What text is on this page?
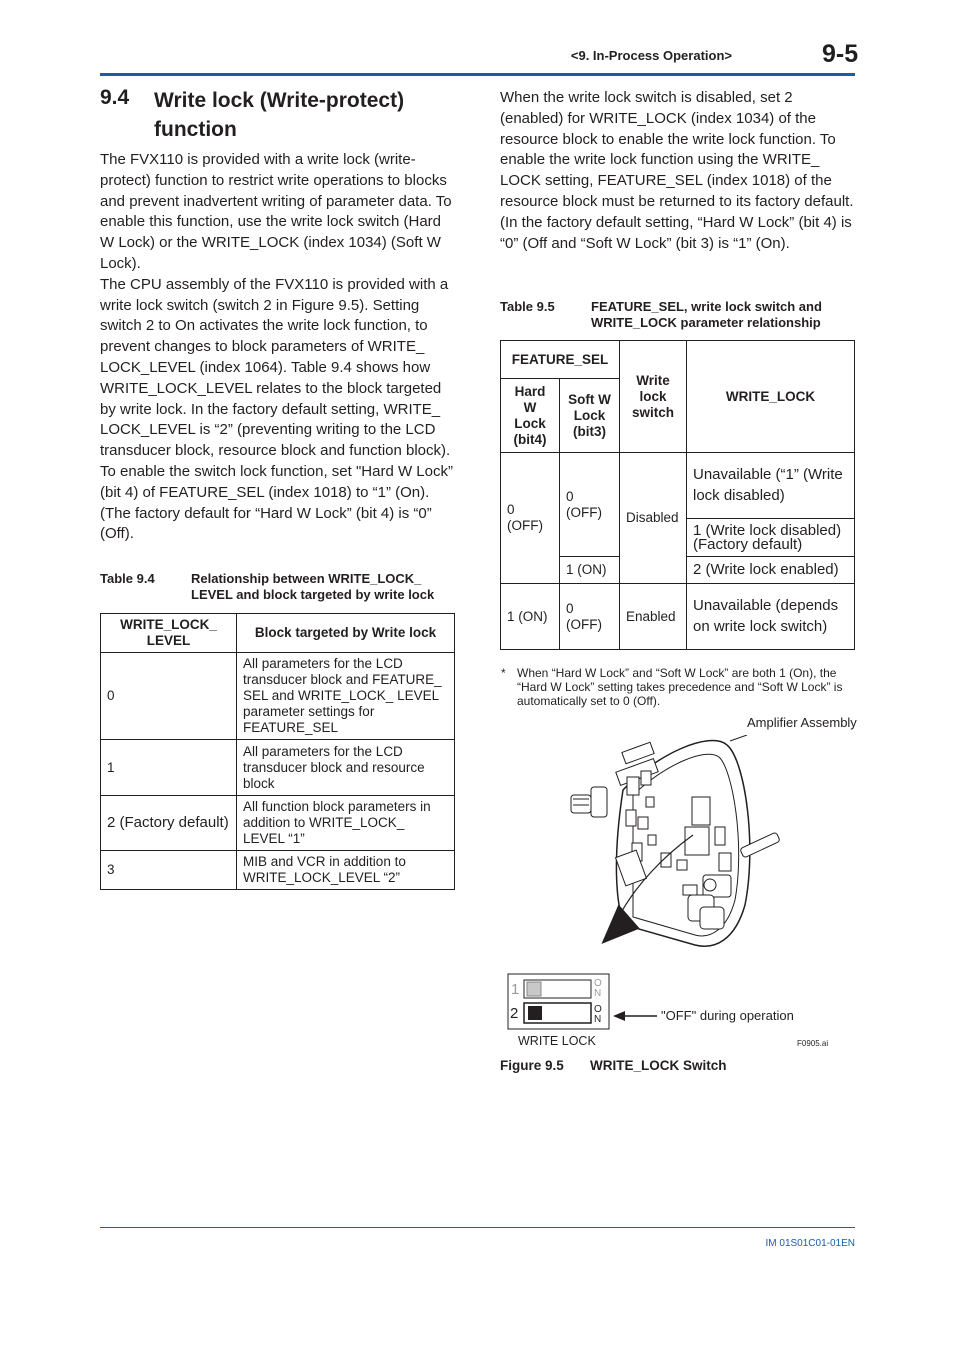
<9. In-Process Operation>	9-5
9.4 Write lock (Write-protect) function

The FVX110 is provided with a write lock (write-protect) function to restrict write operations to blocks and prevent inadvertent writing of parameter data. To enable this function, use the write lock switch (Hard W Lock) or the WRITE_LOCK (index 1034) (Soft W Lock).

The CPU assembly of the FVX110 is provided with a write lock switch (switch 2 in Figure 9.5). Setting switch 2 to On activates the write lock function, to prevent changes to block parameters of WRITE_ LOCK_LEVEL (index 1064). Table 9.4 shows how WRITE_LOCK_LEVEL relates to the block targeted by write lock. In the factory default setting, WRITE_ LOCK_LEVEL is “2” (preventing writing to the LCD transducer block, resource block and function block). To enable the switch lock function, set "Hard W Lock” (bit 4) of FEATURE_SEL (index 1018) to “1” (On). (The factory default for “Hard W Lock” (bit 4) is “0” (Off).

Table 9.4	Relationship between WRITE_LOCK_ LEVEL and block targeted by write lock
WRITE_LOCK_ LEVEL	Block targeted by Write lock
0	All parameters for the LCD transducer block and FEATURE_ SEL and WRITE_LOCK_ LEVEL parameter settings for FEATURE_SEL
1	All parameters for the LCD transducer block and resource block
2 (Factory default)	All function block parameters in addition to WRITE_LOCK_ LEVEL “1”
3	MIB and VCR in addition to WRITE_LOCK_LEVEL “2”
When the write lock switch is disabled, set 2 (enabled) for WRITE_LOCK (index 1034) of the resource block to enable the write lock function. To enable the write lock function using the WRITE_ LOCK setting, FEATURE_SEL (index 1018) of the resource block must be returned to its factory default. (In the factory default setting, “Hard W Lock” (bit 4) is “0” (Off and “Soft W Lock” (bit 3) is “1” (On).
Table 9.5	FEATURE_SEL, write lock switch and WRITE_LOCK parameter relationship
FEATURE_SEL		Write lock switch	WRITE_LOCK
Hard W Lock (bit4)	Soft W Lock (bit3)		
0 (OFF)	0 (OFF)	Disabled	Unavailable (“1” (Write lock disabled)
			1 (Write lock disabled) (Factory default)
	1 (ON)		2 (Write lock enabled)
1 (ON)	0 (OFF)	Enabled	Unavailable (depends on write lock switch)
* When “Hard W Lock” and “Soft W Lock” are both 1 (On), the “Hard W Lock” setting takes precedence and “Soft W Lock” is automatically set to 0 (Off).
Amplifier Assembly
1
2
ON
ON	"OFF" during operation
WRITE LOCK	F0905.ai
Figure 9.5 WRITE_LOCK Switch
IM 01S01C01-01EN
